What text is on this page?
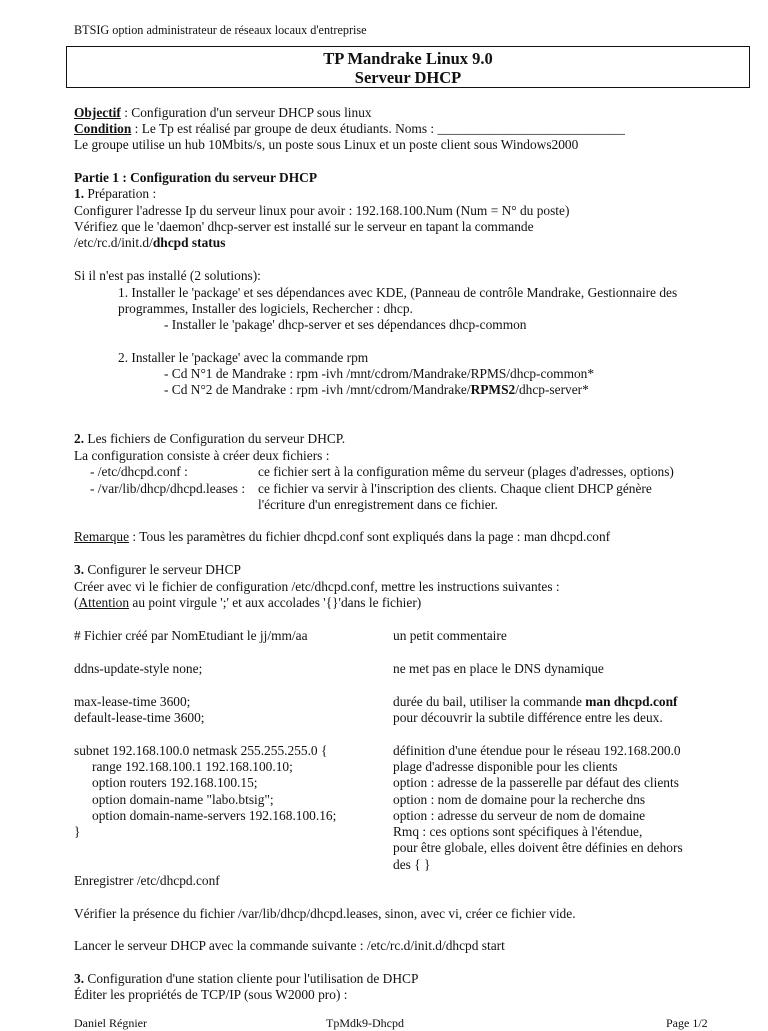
BTSIG option administrateur de réseaux locaux d'entreprise
TP Mandrake Linux 9.0
Serveur DHCP
Objectif : Configuration d'un serveur DHCP sous linux
Condition : Le Tp est réalisé par groupe de deux étudiants. Noms : ____________________________
Le groupe utilise un hub 10Mbits/s, un poste sous Linux et un poste client sous Windows2000
Partie 1 : Configuration du serveur DHCP
1. Préparation :
Configurer l'adresse Ip du serveur linux pour avoir : 192.168.100.Num (Num = N° du poste)
Vérifiez que le 'daemon' dhcp-server est installé sur le serveur en tapant la commande
/etc/rc.d/init.d/dhcpd status
Si il n'est pas installé (2 solutions):
1. Installer le 'package' et ses dépendances avec KDE, (Panneau de contrôle Mandrake, Gestionnaire des
programmes, Installer des logiciels, Rechercher : dhcp.
- Installer le 'pakage' dhcp-server et ses dépendances dhcp-common
2. Installer le 'package' avec la commande rpm
- Cd N°1 de Mandrake : rpm -ivh /mnt/cdrom/Mandrake/RPMS/dhcp-common*
- Cd N°2 de Mandrake : rpm -ivh /mnt/cdrom/Mandrake/RPMS2/dhcp-server*
2. Les fichiers de Configuration du serveur DHCP.
La configuration consiste à créer deux fichiers :
- /etc/dhcpd.conf :	ce fichier sert à la configuration même du serveur (plages d'adresses, options)
- /var/lib/dhcp/dhcpd.leases : ce fichier va servir à l'inscription des clients. Chaque client DHCP génère
l'écriture d'un enregistrement dans ce fichier.
Remarque : Tous les paramètres du fichier dhcpd.conf sont expliqués dans la page : man dhcpd.conf
3. Configurer le serveur DHCP
Créer avec vi le fichier de configuration /etc/dhcpd.conf, mettre les instructions suivantes :
(Attention au point virgule ';' et aux accolades '{}'dans le fichier)
# Fichier créé par NomEtudiant le jj/mm/aa	un petit commentaire
ddns-update-style none;	ne met pas en place le DNS dynamique
max-lease-time 3600;	durée du bail, utiliser la commande man dhcpd.conf
default-lease-time 3600;	pour découvrir la subtile différence entre les deux.
subnet 192.168.100.0 netmask 255.255.255.0 {	définition d'une étendue pour le réseau 192.168.200.0
range 192.168.100.1 192.168.100.10;	plage d'adresse disponible pour les clients
option routers 192.168.100.15;	option : adresse de la passerelle par défaut des clients
option domain-name "labo.btsig";	option : nom de domaine pour la recherche dns
option domain-name-servers 192.168.100.16;	option : adresse du serveur de nom de domaine
}	Rmq : ces options sont spécifiques à l'étendue,
pour être globale, elles doivent être définies en dehors
des { }
Enregistrer /etc/dhcpd.conf
Vérifier la présence du fichier /var/lib/dhcp/dhcpd.leases, sinon, avec vi, créer ce fichier vide.
Lancer le serveur DHCP avec la commande suivante : /etc/rc.d/init.d/dhcpd start
3. Configuration d'une station cliente pour l'utilisation de DHCP
Éditer les propriétés de TCP/IP (sous W2000 pro) :
Daniel Régnier	TpMdk9-Dhcpd	Page 1/2
